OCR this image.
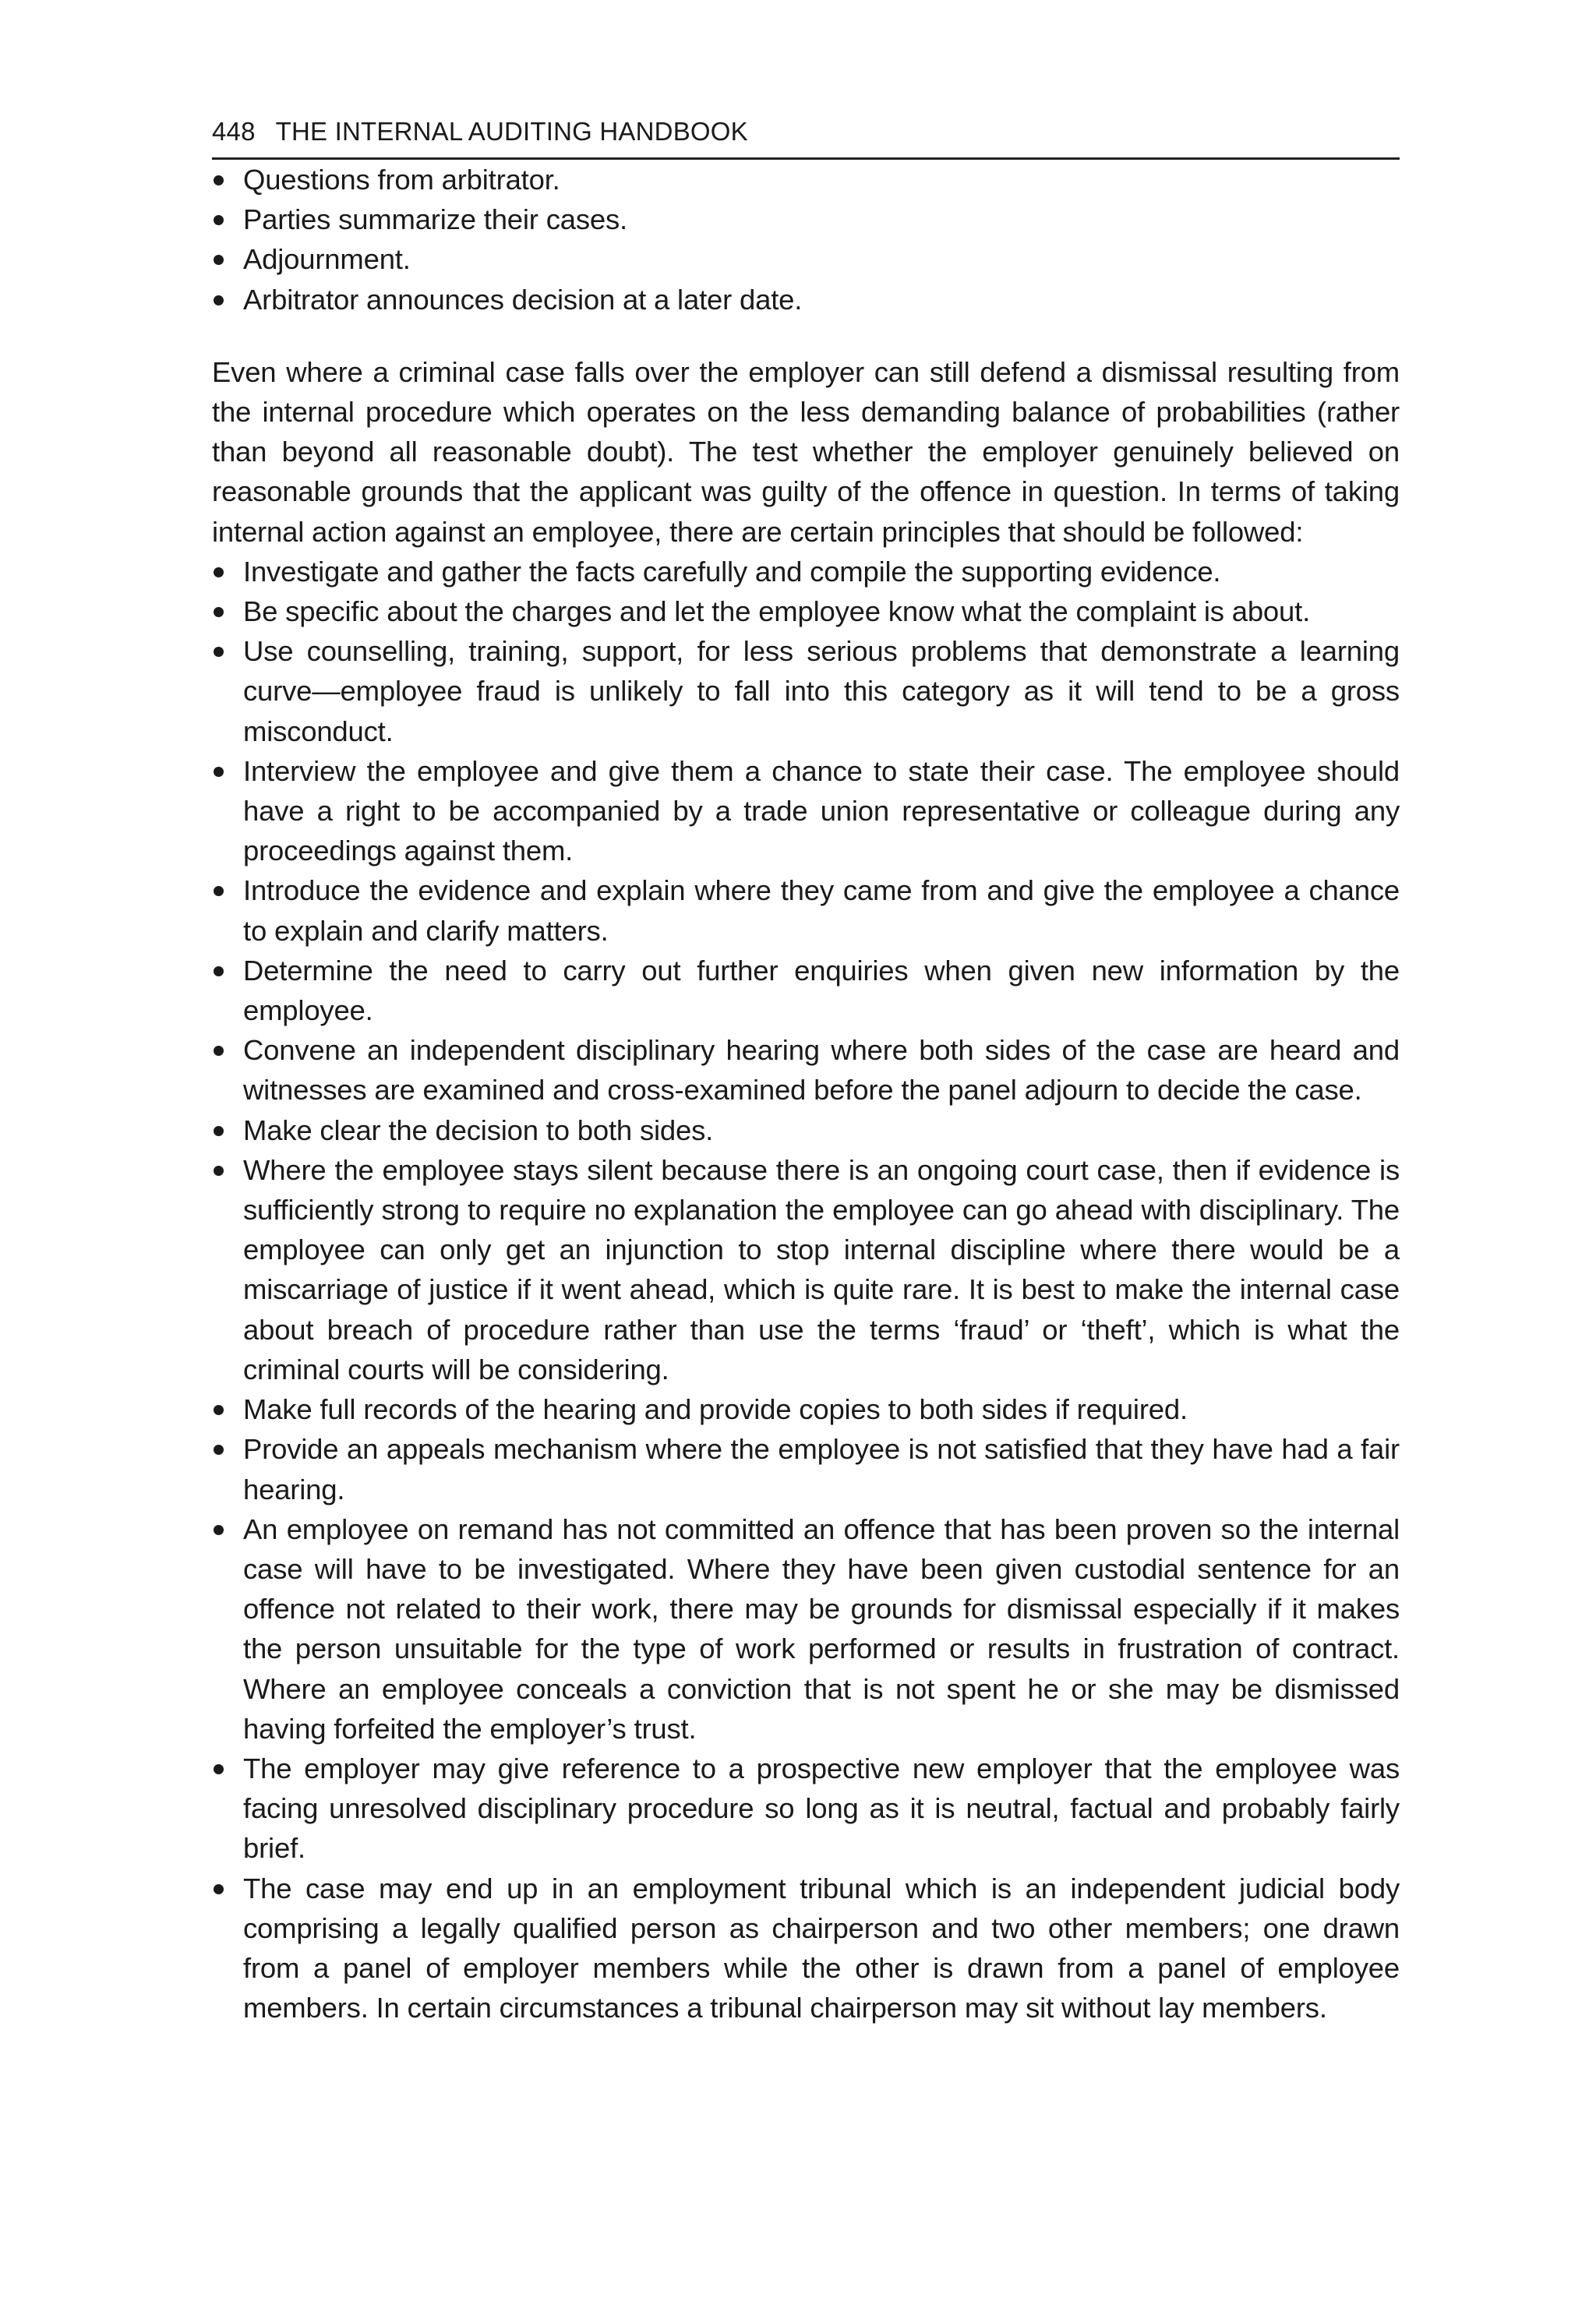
448 THE INTERNAL AUDITING HANDBOOK
Questions from arbitrator.
Parties summarize their cases.
Adjournment.
Arbitrator announces decision at a later date.

Even where a criminal case falls over the employer can still defend a dismissal resulting from the internal procedure which operates on the less demanding balance of probabilities (rather than beyond all reasonable doubt). The test whether the employer genuinely believed on reasonable grounds that the applicant was guilty of the offence in question. In terms of taking internal action against an employee, there are certain principles that should be followed:

Investigate and gather the facts carefully and compile the supporting evidence.
Be specific about the charges and let the employee know what the complaint is about.
Use counselling, training, support, for less serious problems that demonstrate a learning curve—employee fraud is unlikely to fall into this category as it will tend to be a gross misconduct.
Interview the employee and give them a chance to state their case. The employee should have a right to be accompanied by a trade union representative or colleague during any proceedings against them.
Introduce the evidence and explain where they came from and give the employee a chance to explain and clarify matters.
Determine the need to carry out further enquiries when given new information by the employee.
Convene an independent disciplinary hearing where both sides of the case are heard and witnesses are examined and cross-examined before the panel adjourn to decide the case.
Make clear the decision to both sides.
Where the employee stays silent because there is an ongoing court case, then if evidence is sufficiently strong to require no explanation the employee can go ahead with disciplinary. The employee can only get an injunction to stop internal discipline where there would be a miscarriage of justice if it went ahead, which is quite rare. It is best to make the internal case about breach of procedure rather than use the terms ‘fraud’ or ‘theft’, which is what the criminal courts will be considering.
Make full records of the hearing and provide copies to both sides if required.
Provide an appeals mechanism where the employee is not satisfied that they have had a fair hearing.
An employee on remand has not committed an offence that has been proven so the internal case will have to be investigated. Where they have been given custodial sentence for an offence not related to their work, there may be grounds for dismissal especially if it makes the person unsuitable for the type of work performed or results in frustration of contract. Where an employee conceals a conviction that is not spent he or she may be dismissed having forfeited the employer’s trust.
The employer may give reference to a prospective new employer that the employee was facing unresolved disciplinary procedure so long as it is neutral, factual and probably fairly brief.
The case may end up in an employment tribunal which is an independent judicial body comprising a legally qualified person as chairperson and two other members; one drawn from a panel of employer members while the other is drawn from a panel of employee members. In certain circumstances a tribunal chairperson may sit without lay members.
